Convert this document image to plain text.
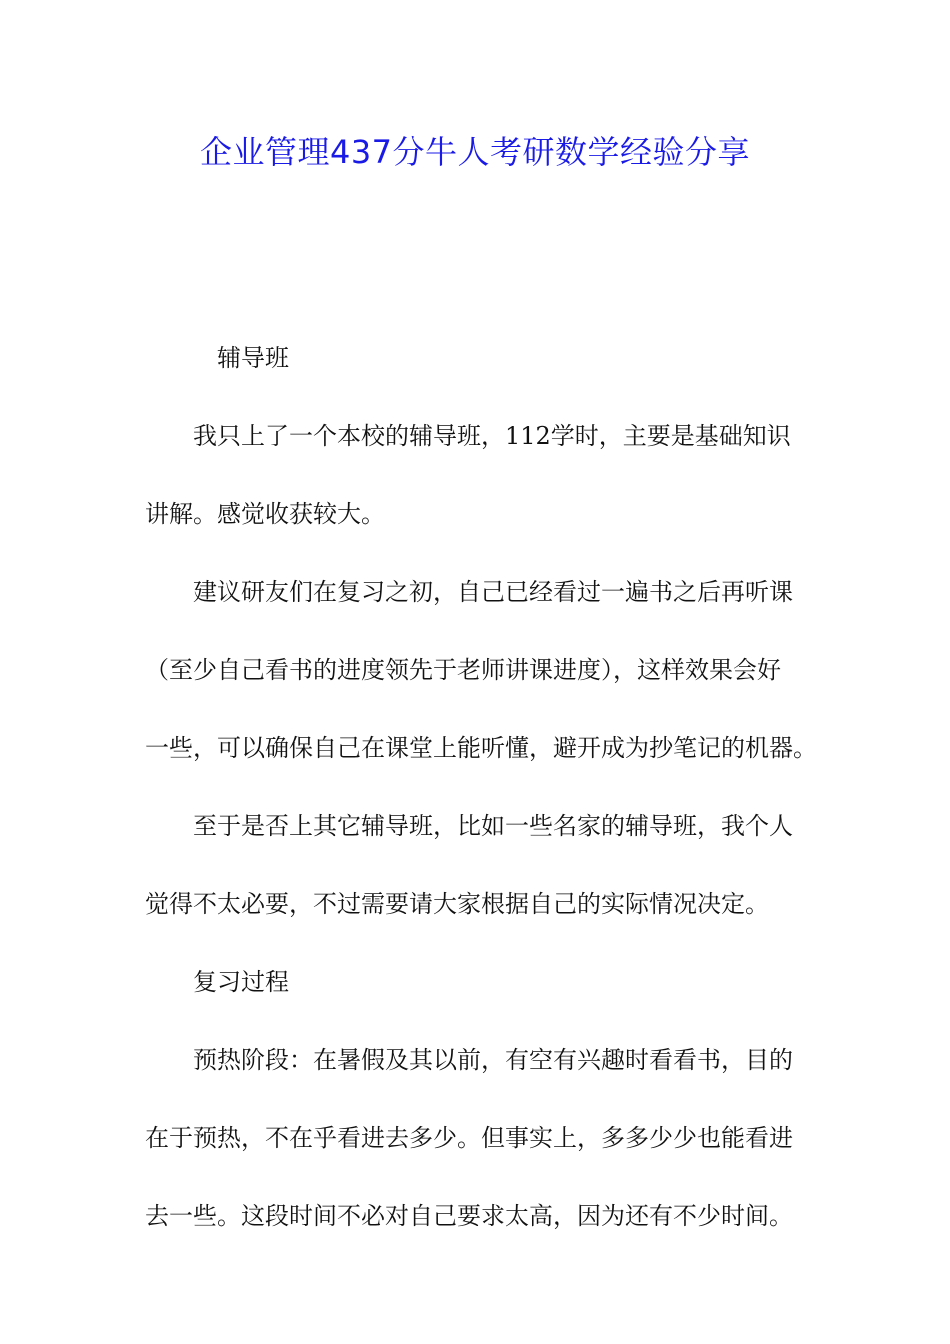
企业管理437分牛人考研数学经验分享
辅导班
我只上了一个本校的辅导班，112学时，主要是基础知识
讲解。感觉收获较大。
建议研友们在复习之初，自己已经看过一遍书之后再听课
（至少自己看书的进度领先于老师讲课进度），这样效果会好
一些，可以确保自己在课堂上能听懂，避开成为抄笔记的机器。
至于是否上其它辅导班，比如一些名家的辅导班，我个人
觉得不太必要，不过需要请大家根据自己的实际情况决定。
复习过程
预热阶段：在暑假及其以前，有空有兴趣时看看书，目的
在于预热，不在乎看进去多少。但事实上，多多少少也能看进
去一些。这段时间不必对自己要求太高，因为还有不少时间。
